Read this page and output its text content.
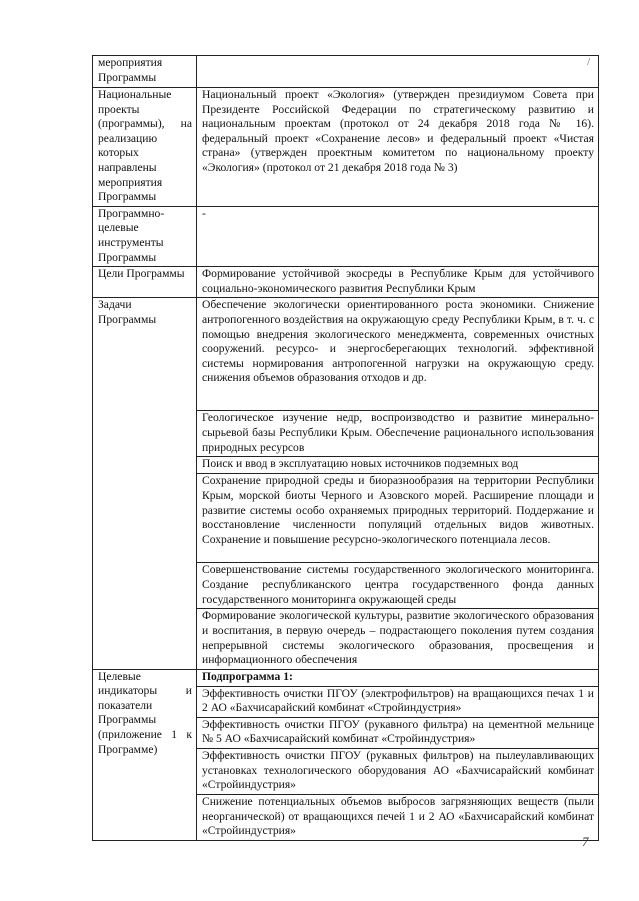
мероприятия Программы	/

Национальные проекты (программы), на реализацию которых направлены мероприятия Программы	Национальный проект «Экология» (утвержден президиумом Совета при Президенте Российской Федерации по стратегическому развитию и национальным проектам (протокол от 24 декабря 2018 года № 16). федеральный проект «Сохранение лесов» и федеральный проект «Чистая страна» (утвержден проектным комитетом по национальному проекту «Экология» (протокол от 21 декабря 2018 года № 3)
Программно-целевые инструменты Программы	-
Цели Программы	Формирование устойчивой экосреды в Республике Крым для устойчивого социально-экономического развития Республики Крым
Задачи Программы	Обеспечение экологически ориентированного роста экономики. Снижение антропогенного воздействия на окружающую среду Республики Крым, в т. ч. с помощью внедрения экологического менеджмента, современных очистных сооружений. ресурсо- и энергосберегающих технологий. эффективной системы нормирования антропогенной нагрузки на окружающую среду. снижения объемов образования отходов и др.
	Геологическое изучение недр, воспроизводство и развитие минерально-сырьевой базы Республики Крым. Обеспечение рационального использования природных ресурсов
	Поиск и ввод в эксплуатацию новых источников подземных вод
	Сохранение природной среды и биоразнообразия на территории Республики Крым, морской биоты Черного и Азовского морей. Расширение площади и развитие системы особо охраняемых природных территорий. Поддержание и восстановление численности популяций отдельных видов животных. Сохранение и повышение ресурсно-экологического потенциала лесов.
	Совершенствование системы государственного экологического мониторинга. Создание республиканского центра государственного фонда данных государственного мониторинга окружающей среды
	Формирование экологической культуры, развитие экологического образования и воспитания, в первую очередь – подрастающего поколения путем создания непрерывной системы экологического образования, просвещения и информационного обеспечения
Целевые индикаторы и показатели Программы (приложение 1 к Программе)	Подпрограмма 1:
	Эффективность очистки ПГОУ (электрофильтров) на вращающихся печах 1 и 2 АО «Бахчисарайский комбинат «Стройиндустрия»
	Эффективность очистки ПГОУ (рукавного фильтра) на цементной мельнице № 5 АО «Бахчисарайский комбинат «Стройиндустрия»
	Эффективность очистки ПГОУ (рукавных фильтров) на пылеулавливающих установках технологического оборудования АО «Бахчисарайский комбинат «Стройиндустрия»
	Снижение потенциальных объемов выбросов загрязняющих веществ (пыли неорганической) от вращающихся печей 1 и 2 АО «Бахчисарайский комбинат «Стройиндустрия»
7
